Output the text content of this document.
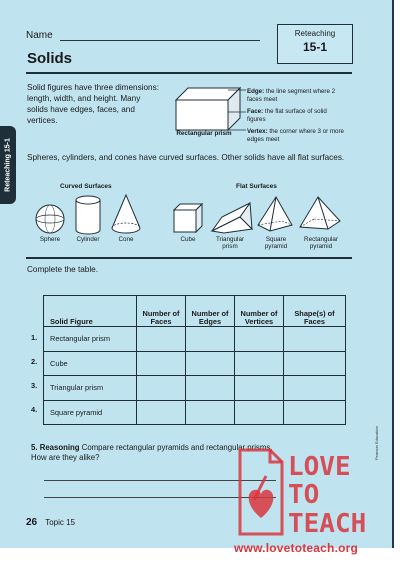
Reteaching 15-1
Name	Reteaching
15-1
Solids
Solid figures have three dimensions: length, width, and height. Many solids have edges, faces, and vertices.
Rectangular prism
Edge: the line segment where 2 faces meet
Face: the flat surface of solid figures
Vertex: the corner where 3 or more edges meet
Spheres, cylinders, and cones have curved surfaces. Other solids have all flat surfaces.
Curved Surfaces	Flat Surfaces
Sphere	Cylinder	Cone	Cube	Triangular prism
Square pyramid
Rectangular pyramid
Complete the table.
Solid Figure	Number of Faces	Number of Edges	Number of Vertices	Shape(s) of Faces
Rectangular prism				
Cube				
Triangular prism				
Square pyramid				
1.
2.
3.
4.
5. Reasoning Compare rectangular pyramids and rectangular prisms. How are they alike?
26 Topic 15
Pearson Education
LOVE
TO
TEACH
www.lovetoteach.org
